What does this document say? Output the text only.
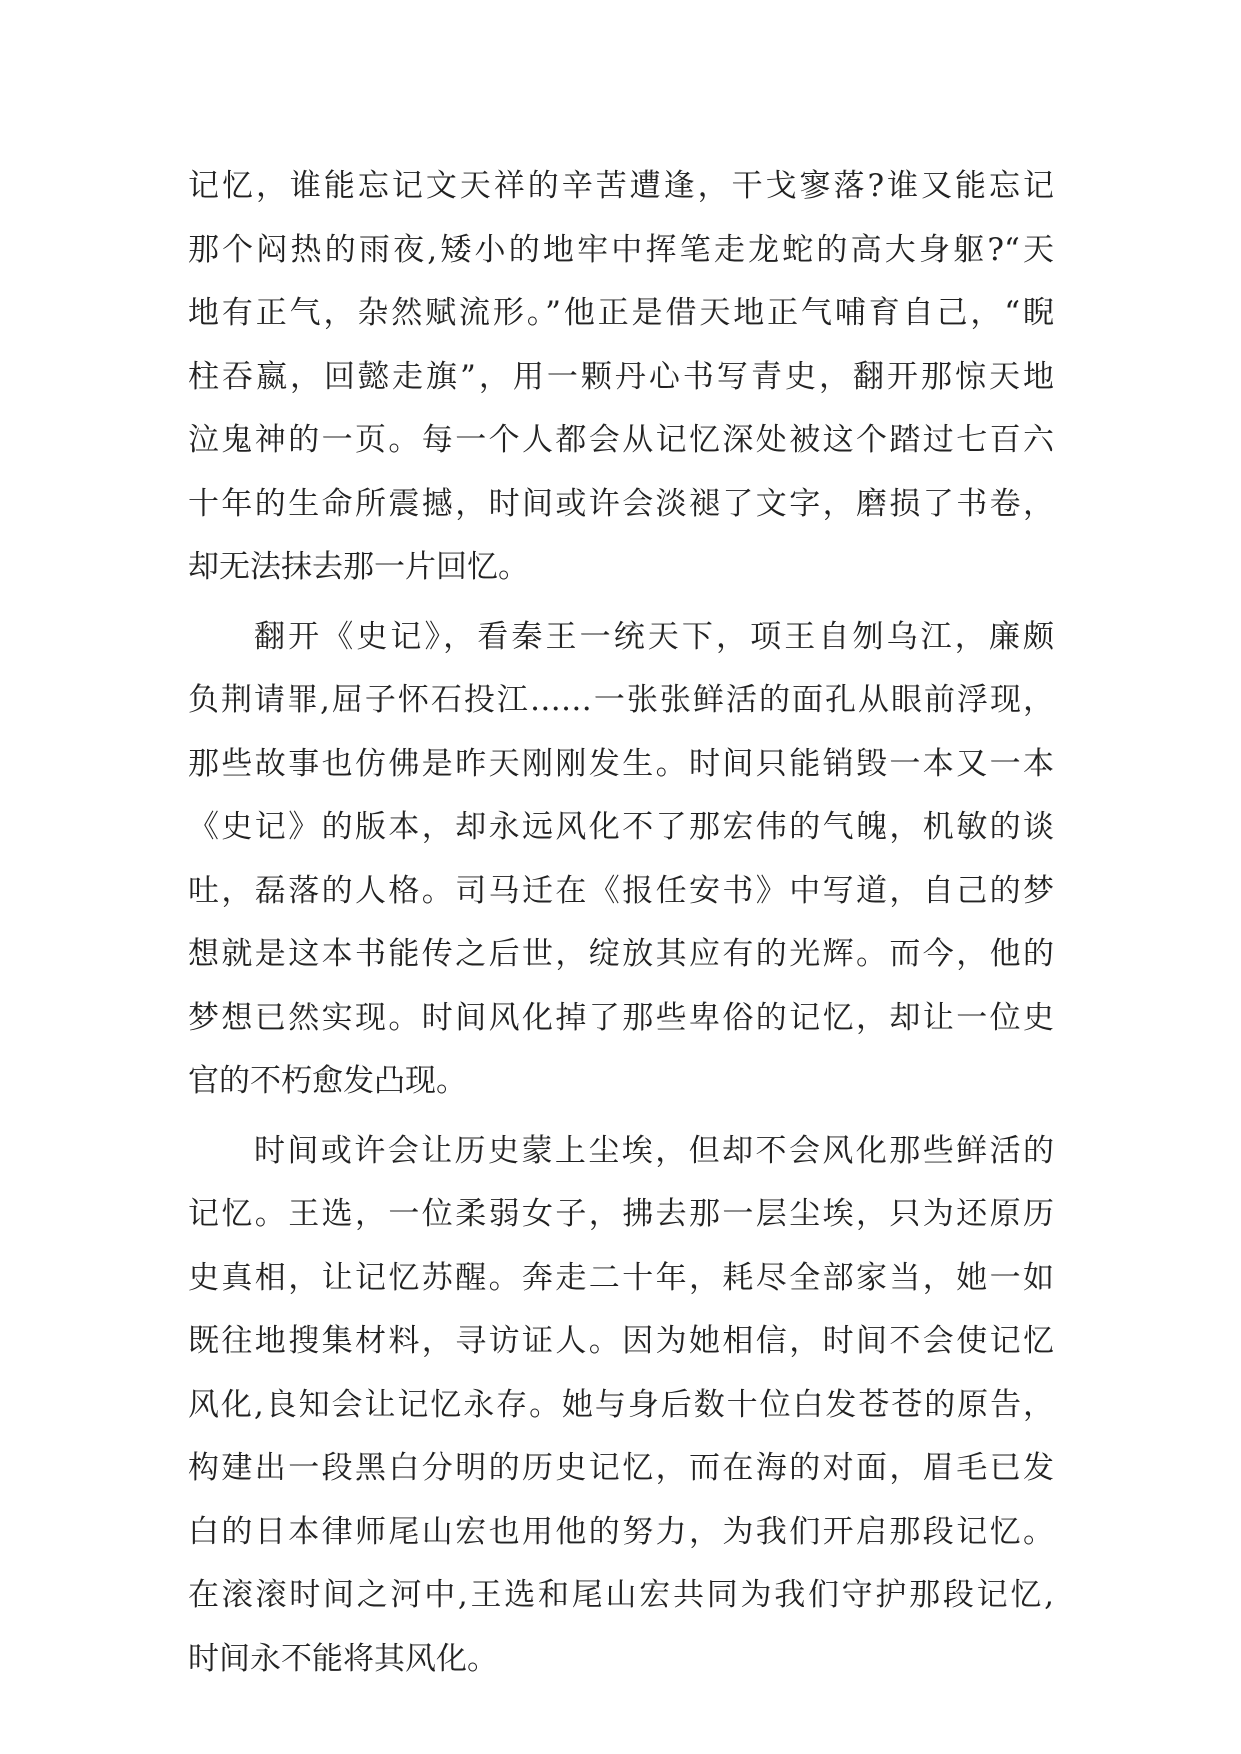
记忆，谁能忘记文天祥的辛苦遭逢，干戈寥落?谁又能忘记
那个闷热的雨夜,矮小的地牢中挥笔走龙蛇的高大身躯?“天
地有正气，杂然赋流形。”他正是借天地正气哺育自己，“睨
柱吞嬴，回懿走旗”，用一颗丹心书写青史，翻开那惊天地
泣鬼神的一页。每一个人都会从记忆深处被这个踏过七百六
十年的生命所震撼，时间或许会淡褪了文字，磨损了书卷，
却无法抹去那一片回忆。
翻开《史记》，看秦王一统天下，项王自刎乌江，廉颇
负荆请罪,屈子怀石投江……一张张鲜活的面孔从眼前浮现，
那些故事也仿佛是昨天刚刚发生。时间只能销毁一本又一本
《史记》的版本，却永远风化不了那宏伟的气魄，机敏的谈
吐，磊落的人格。司马迁在《报任安书》中写道，自己的梦
想就是这本书能传之后世，绽放其应有的光辉。而今，他的
梦想已然实现。时间风化掉了那些卑俗的记忆，却让一位史
官的不朽愈发凸现。
时间或许会让历史蒙上尘埃，但却不会风化那些鲜活的
记忆。王选，一位柔弱女子，拂去那一层尘埃，只为还原历
史真相，让记忆苏醒。奔走二十年，耗尽全部家当，她一如
既往地搜集材料，寻访证人。因为她相信，时间不会使记忆
风化,良知会让记忆永存。她与身后数十位白发苍苍的原告，
构建出一段黑白分明的历史记忆，而在海的对面，眉毛已发
白的日本律师尾山宏也用他的努力，为我们开启那段记忆。
在滚滚时间之河中,王选和尾山宏共同为我们守护那段记忆,
时间永不能将其风化。
